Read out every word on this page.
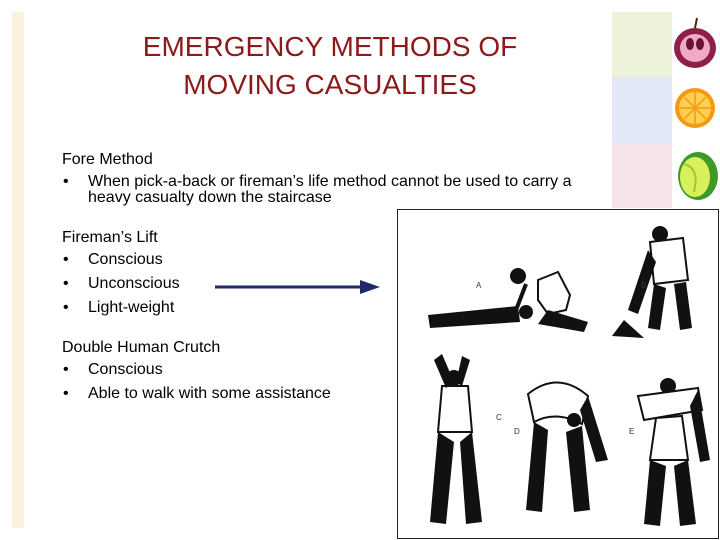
EMERGENCY METHODS OF
MOVING CASUALTIES
Fore Method
• When pick-a-back or fireman’s life method cannot be used to carry a heavy casualty down the staircase
Fireman’s Lift
• Conscious
• Unconscious
• Light-weight
Double Human Crutch
• Conscious
• Able to walk with some assistance
A	B
C
D	E
